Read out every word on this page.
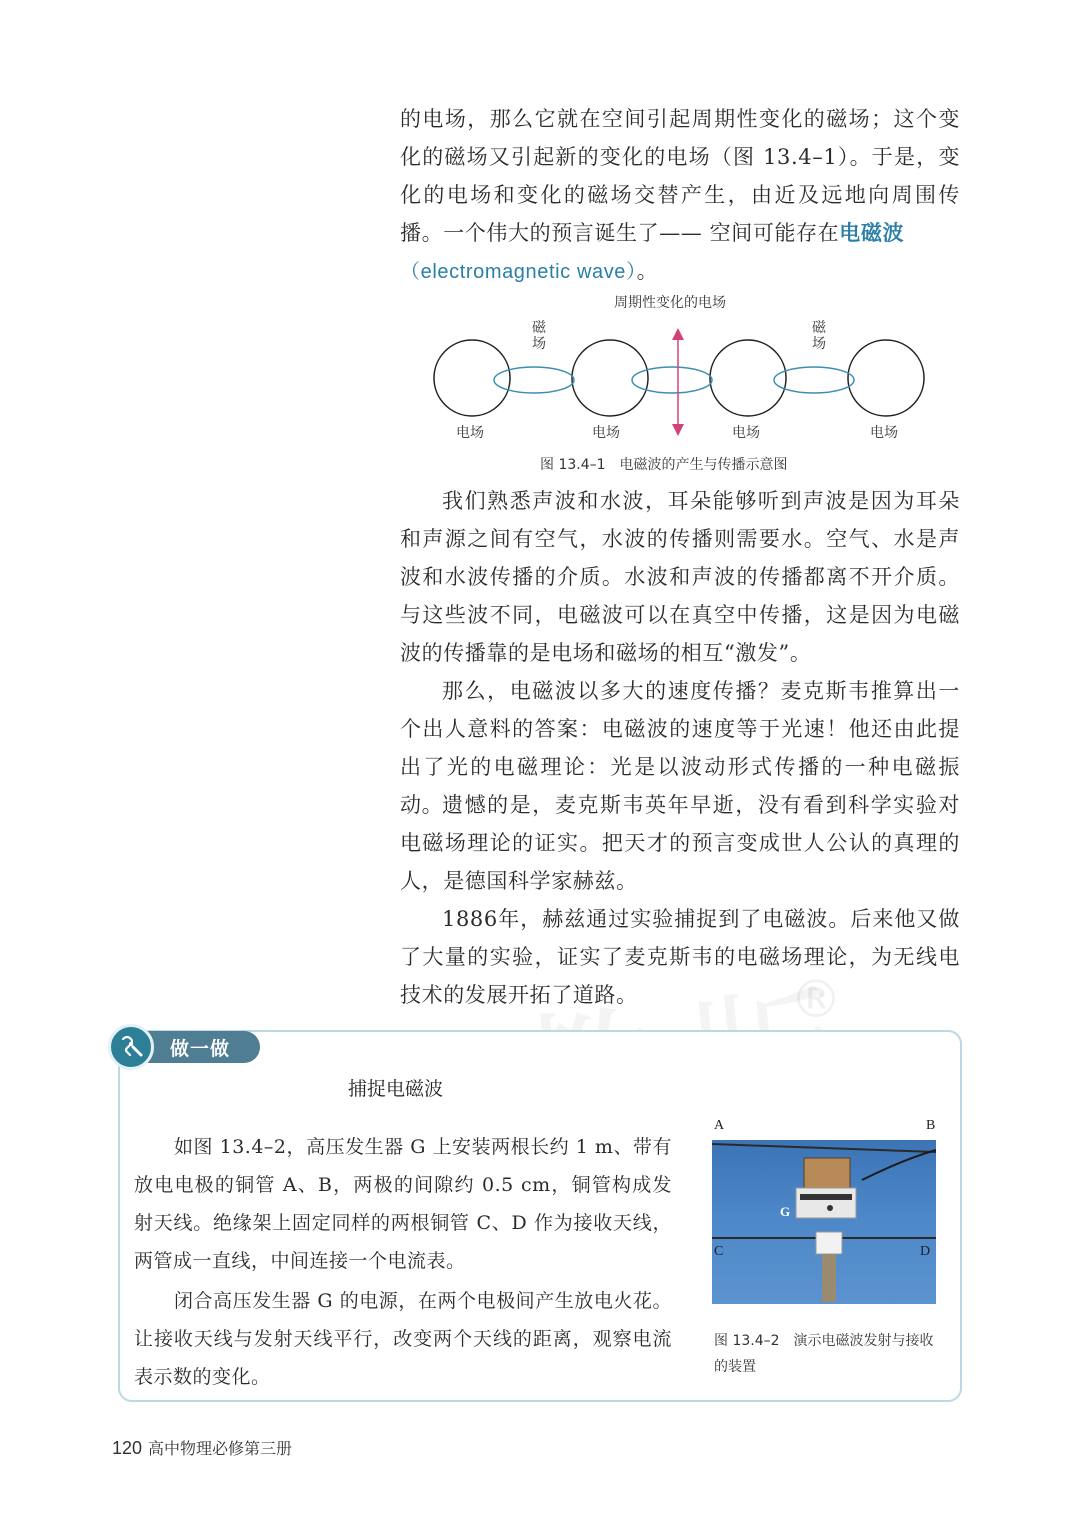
®

的电场，那么它就在空间引起周期性变化的磁场；这个变化的磁场又引起新的变化的电场（图 13.4–1）。于是，变化的电场和变化的磁场交替产生，由近及远地向周围传播。一个伟大的预言诞生了—— 空间可能存在电磁波
（electromagnetic wave）。

周期性变化的电场
磁
场
磁
场
电场	电场	电场	电场
图 13.4–1　电磁波的产生与传播示意图

我们熟悉声波和水波，耳朵能够听到声波是因为耳朵和声源之间有空气，水波的传播则需要水。空气、水是声波和水波传播的介质。水波和声波的传播都离不开介质。与这些波不同，电磁波可以在真空中传播，这是因为电磁波的传播靠的是电场和磁场的相互“激发”。

那么，电磁波以多大的速度传播？麦克斯韦推算出一个出人意料的答案：电磁波的速度等于光速！他还由此提出了光的电磁理论：光是以波动形式传播的一种电磁振动。

遗憾的是，麦克斯韦英年早逝，没有看到科学实验对电磁场理论的证实。把天才的预言变成世人公认的真理的人，是德国科学家赫兹。

1886年，赫兹通过实验捕捉到了电磁波。后来他又做了大量的实验，证实了麦克斯韦的电磁场理论，为无线电技术的发展开拓了道路。

做一做
捕捉电磁波

如图 13.4–2，高压发生器 G 上安装两根长约 1 m、带有放电电极的铜管 A、B，两极的间隙约 0.5 cm，铜管构成发射天线。绝缘架上固定同样的两根铜管 C、D 作为接收天线，两管成一直线，中间连接一个电流表。

闭合高压发生器 G 的电源，在两个电极间产生放电火花。让接收天线与发射天线平行，改变两个天线的距离，观察电流表示数的变化。

A	B
G
C	D
图 13.4–2　演示电磁波发射与接收的装置
120 高中物理必修第三册
